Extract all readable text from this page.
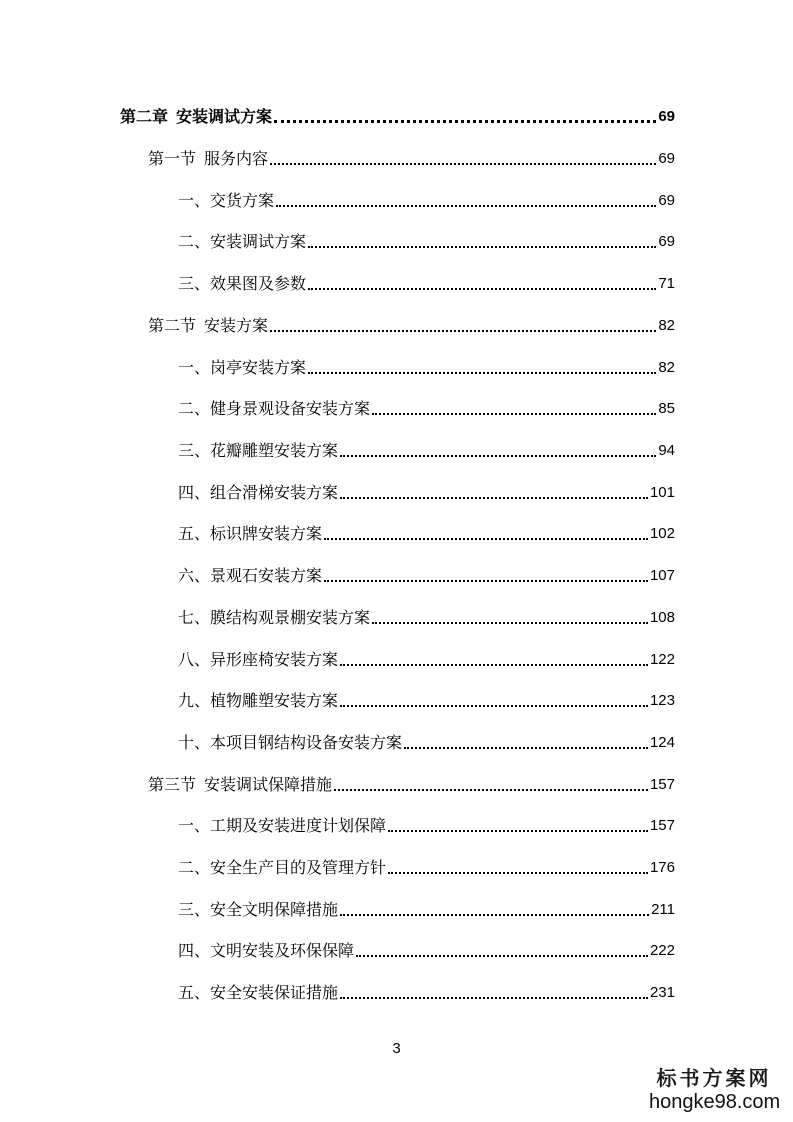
第二章 安装调试方案	69
第一节 服务内容	69
一、交货方案	69
二、安装调试方案	69
三、效果图及参数	71
第二节 安装方案	82
一、岗亭安装方案	82
二、健身景观设备安装方案	85
三、花瓣雕塑安装方案	94
四、组合滑梯安装方案	101
五、标识牌安装方案	102
六、景观石安装方案	107
七、膜结构观景棚安装方案	108
八、异形座椅安装方案	122
九、植物雕塑安装方案	123
十、本项目钢结构设备安装方案	124
第三节 安装调试保障措施	157
一、工期及安装进度计划保障	157
二、安全生产目的及管理方针	176
三、安全文明保障措施	211
四、文明安装及环保保障	222
五、安全安装保证措施	231
3
标书方案网
hongke98.com
